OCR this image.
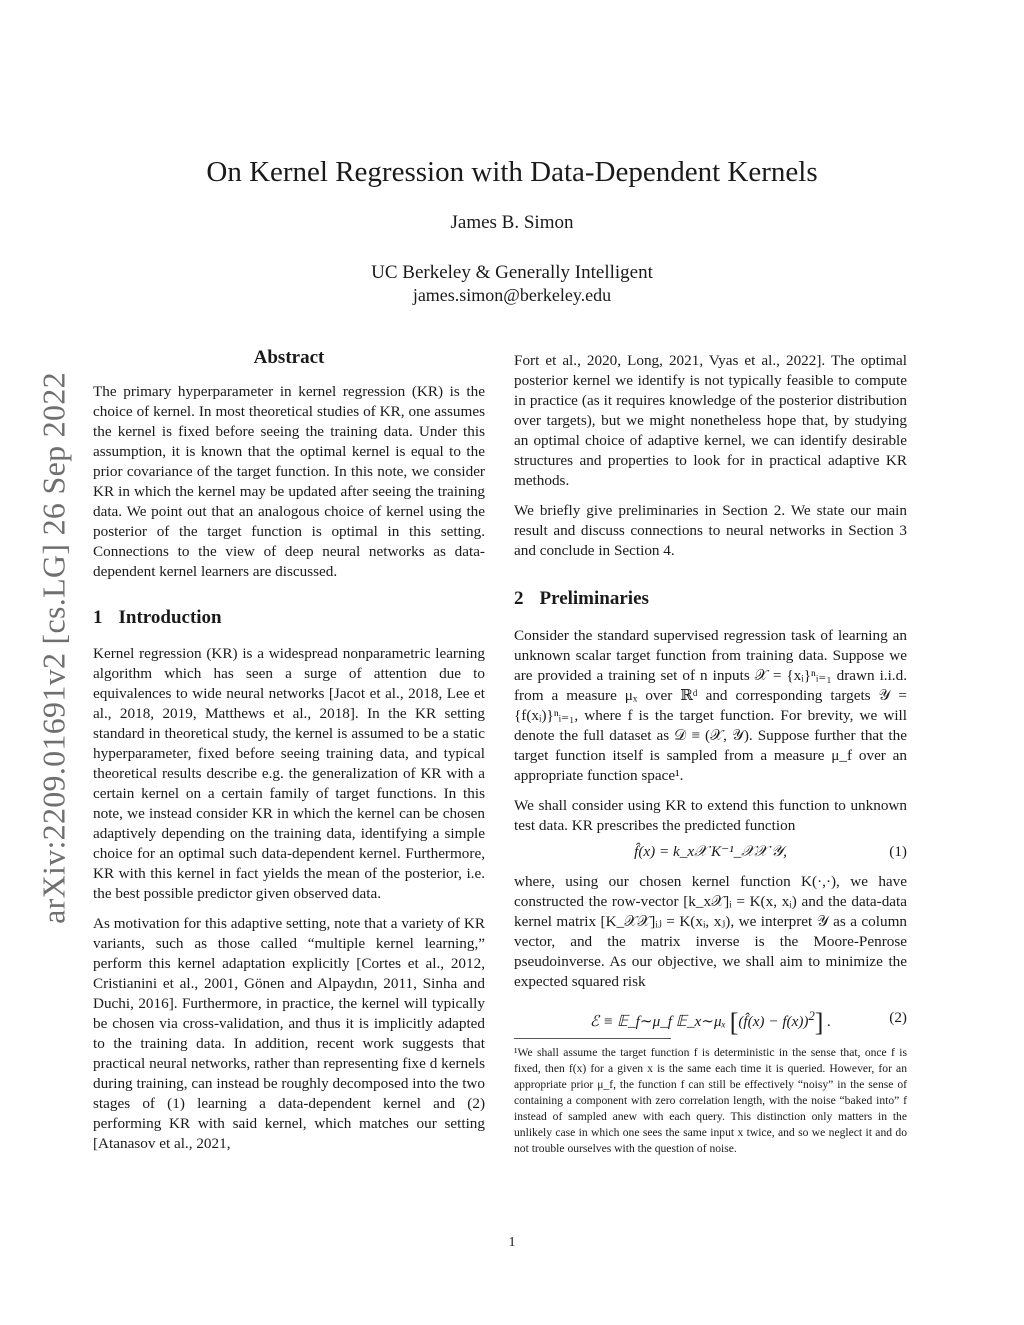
arXiv:2209.01691v2 [cs.LG] 26 Sep 2022
On Kernel Regression with Data-Dependent Kernels
James B. Simon
UC Berkeley & Generally Intelligent
james.simon@berkeley.edu
Abstract

The primary hyperparameter in kernel regression (KR) is the choice of kernel. In most theoretical studies of KR, one assumes the kernel is fixed before seeing the training data. Under this assumption, it is known that the optimal kernel is equal to the prior covariance of the target function. In this note, we consider KR in which the kernel may be updated after seeing the training data. We point out that an analogous choice of kernel using the posterior of the target function is optimal in this setting. Connections to the view of deep neural networks as data-dependent kernel learners are discussed.

1 Introduction

Kernel regression (KR) is a widespread nonparametric learning algorithm which has seen a surge of attention due to equivalences to wide neural networks [Jacot et al., 2018, Lee et al., 2018, 2019, Matthews et al., 2018]. In the KR setting standard in theoretical study, the kernel is assumed to be a static hyperparameter, fixed before seeing training data, and typical theoretical results describe e.g. the generalization of KR with a certain kernel on a certain family of target functions. In this note, we instead consider KR in which the kernel can be chosen adaptively depending on the training data, identifying a simple choice for an optimal such data-dependent kernel. Furthermore, KR with this kernel in fact yields the mean of the posterior, i.e. the best possible predictor given observed data.

As motivation for this adaptive setting, note that a variety of KR variants, such as those called “multiple kernel learning,” perform this kernel adaptation explicitly [Cortes et al., 2012, Cristianini et al., 2001, Gönen and Alpaydın, 2011, Sinha and Duchi, 2016]. Furthermore, in practice, the kernel will typically be chosen via cross-validation, and thus it is implicitly adapted to the training data. In addition, recent work suggests that practical neural networks, rather than representing fixe d kernels during training, can instead be roughly decomposed into the two stages of (1) learning a data-dependent kernel and (2) performing KR with said kernel, which matches our setting [Atanasov et al., 2021,

Fort et al., 2020, Long, 2021, Vyas et al., 2022]. The optimal posterior kernel we identify is not typically feasible to compute in practice (as it requires knowledge of the posterior distribution over targets), but we might nonetheless hope that, by studying an optimal choice of adaptive kernel, we can identify desirable structures and properties to look for in practical adaptive KR methods.

We briefly give preliminaries in Section 2. We state our main result and discuss connections to neural networks in Section 3 and conclude in Section 4.

2 Preliminaries

Consider the standard supervised regression task of learning an unknown scalar target function from training data. Suppose we are provided a training set of n inputs 𝒳 = {xᵢ}ⁿᵢ₌₁ drawn i.i.d. from a measure μₓ over ℝᵈ and corresponding targets 𝒴 = {f(xᵢ)}ⁿᵢ₌₁, where f is the target function. For brevity, we will denote the full dataset as 𝒟 ≡ (𝒳, 𝒴). Suppose further that the target function itself is sampled from a measure μ_f over an appropriate function space¹.

We shall consider using KR to extend this function to unknown test data. KR prescribes the predicted function

f̂(x) = k_x𝒳 K⁻¹_𝒳𝒳 𝒴,	(1)

where, using our chosen kernel function K(·,·), we have constructed the row-vector [k_x𝒳]ᵢ = K(x, xᵢ) and the data-data kernel matrix [K_𝒳𝒳]ᵢⱼ = K(xᵢ, xⱼ), we interpret 𝒴 as a column vector, and the matrix inverse is the Moore-Penrose pseudoinverse. As our objective, we shall aim to minimize the expected squared risk

ℰ ≡ 𝔼_f∼μ_f 𝔼_x∼μₓ [(f̂(x) − f(x))$^2$] .	(2)

¹We shall assume the target function f is deterministic in the sense that, once f is fixed, then f(x) for a given x is the same each time it is queried. However, for an appropriate prior μ_f, the function f can still be effectively “noisy” in the sense of containing a component with zero correlation length, with the noise “baked into” f instead of sampled anew with each query. This distinction only matters in the unlikely case in which one sees the same input x twice, and so we neglect it and do not trouble ourselves with the question of noise.

1
